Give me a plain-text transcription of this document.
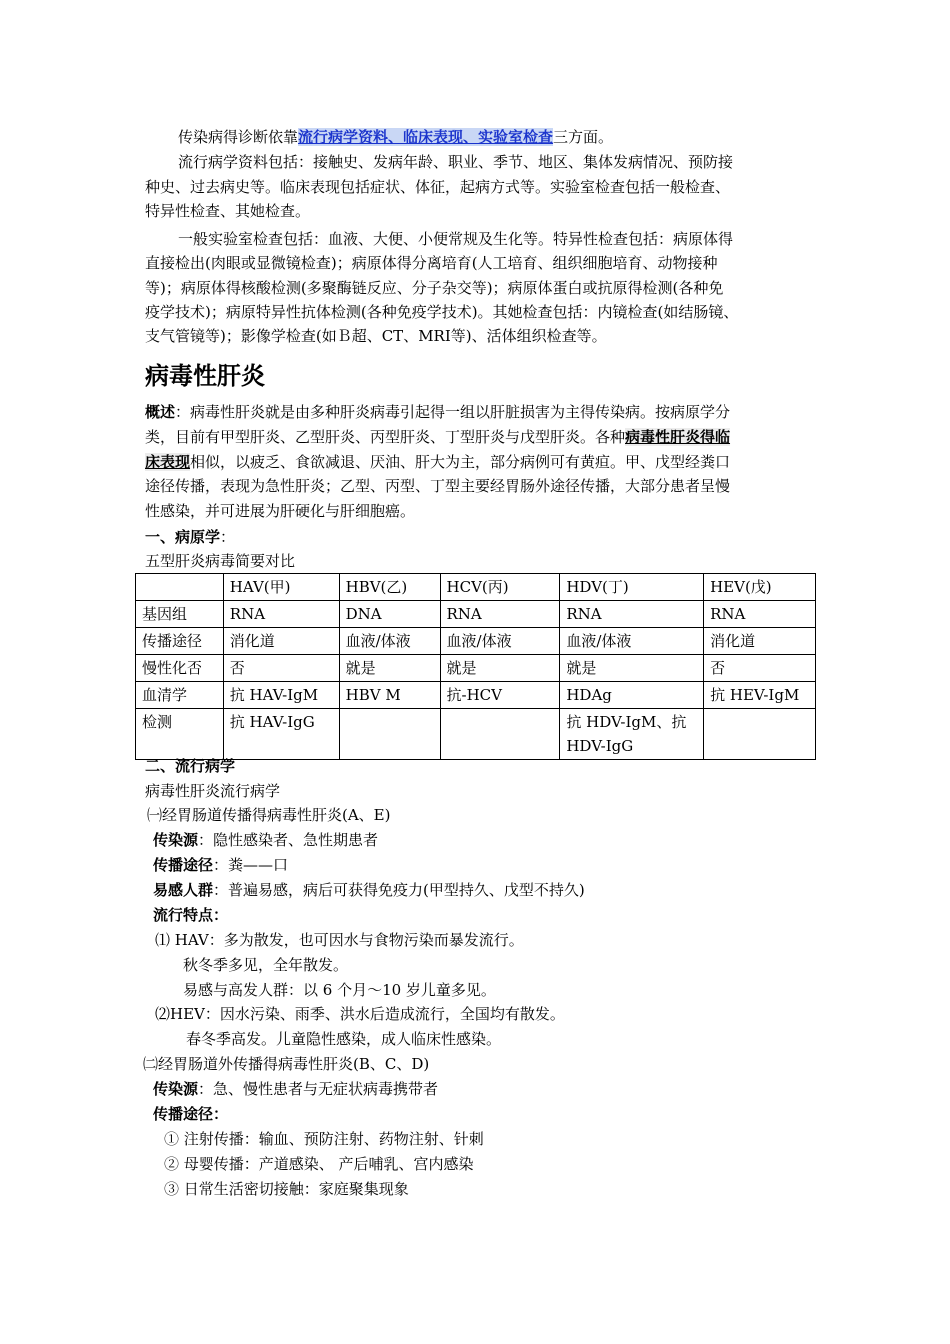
传染病得诊断依靠流行病学资料、临床表现、实验室检查三方面。
流行病学资料包括：接触史、发病年龄、职业、季节、地区、集体发病情况、预防接
种史、过去病史等。临床表现包括症状、体征，起病方式等。实验室检查包括一般检查、
特异性检查、其她检查。
一般实验室检查包括：血液、大便、小便常规及生化等。特异性检查包括：病原体得
直接检出(肉眼或显微镜检查)；病原体得分离培育(人工培育、组织细胞培育、动物接种
等)；病原体得核酸检测(多聚酶链反应、分子杂交等)；病原体蛋白或抗原得检测(各种免
疫学技术)；病原特异性抗体检测(各种免疫学技术)。其她检查包括：内镜检查(如结肠镜、
支气管镜等)；影像学检查(如Ｂ超、CT、MRI等)、活体组织检查等。
病毒性肝炎
概述：病毒性肝炎就是由多种肝炎病毒引起得一组以肝脏损害为主得传染病。按病原学分
类，目前有甲型肝炎、乙型肝炎、丙型肝炎、丁型肝炎与戊型肝炎。各种病毒性肝炎得临
床表现相似，以疲乏、食欲减退、厌油、肝大为主，部分病例可有黄疸。甲、戊型经粪口
途径传播，表现为急性肝炎；乙型、丙型、丁型主要经胃肠外途径传播，大部分患者呈慢
性感染，并可进展为肝硬化与肝细胞癌。
一、病原学：
五型肝炎病毒简要对比
	HAV(甲)	HBV(乙)	HCV(丙)	HDV(丁)	HEV(戊)
基因组	RNA	DNA	RNA	RNA	RNA
传播途径	消化道	血液/体液	血液/体液	血液/体液	消化道
慢性化否	否	就是	就是	就是	否
血清学	抗 HAV-IgM	HBV M	抗-HCV	HDAg	抗 HEV-IgM
检测	抗 HAV-IgG			抗 HDV-IgM、抗
HDV-IgG	
二、流行病学
病毒性肝炎流行病学
㈠经胃肠道传播得病毒性肝炎(A、E)
传染源：隐性感染者、急性期患者
传播途径：粪——口
易感人群：普遍易感，病后可获得免疫力(甲型持久、戊型不持久)
流行特点：
⑴ HAV：多为散发，也可因水与食物污染而暴发流行。
秋冬季多见，全年散发。
易感与高发人群：以 6 个月～10 岁儿童多见。
⑵HEV：因水污染、雨季、洪水后造成流行，全国均有散发。
春冬季高发。儿童隐性感染，成人临床性感染。
㈡经胃肠道外传播得病毒性肝炎(B、C、D)
传染源：急、慢性患者与无症状病毒携带者
传播途径：
① 注射传播：输血、预防注射、药物注射、针刺
② 母婴传播：产道感染、 产后哺乳、宫内感染
③ 日常生活密切接触：家庭聚集现象
